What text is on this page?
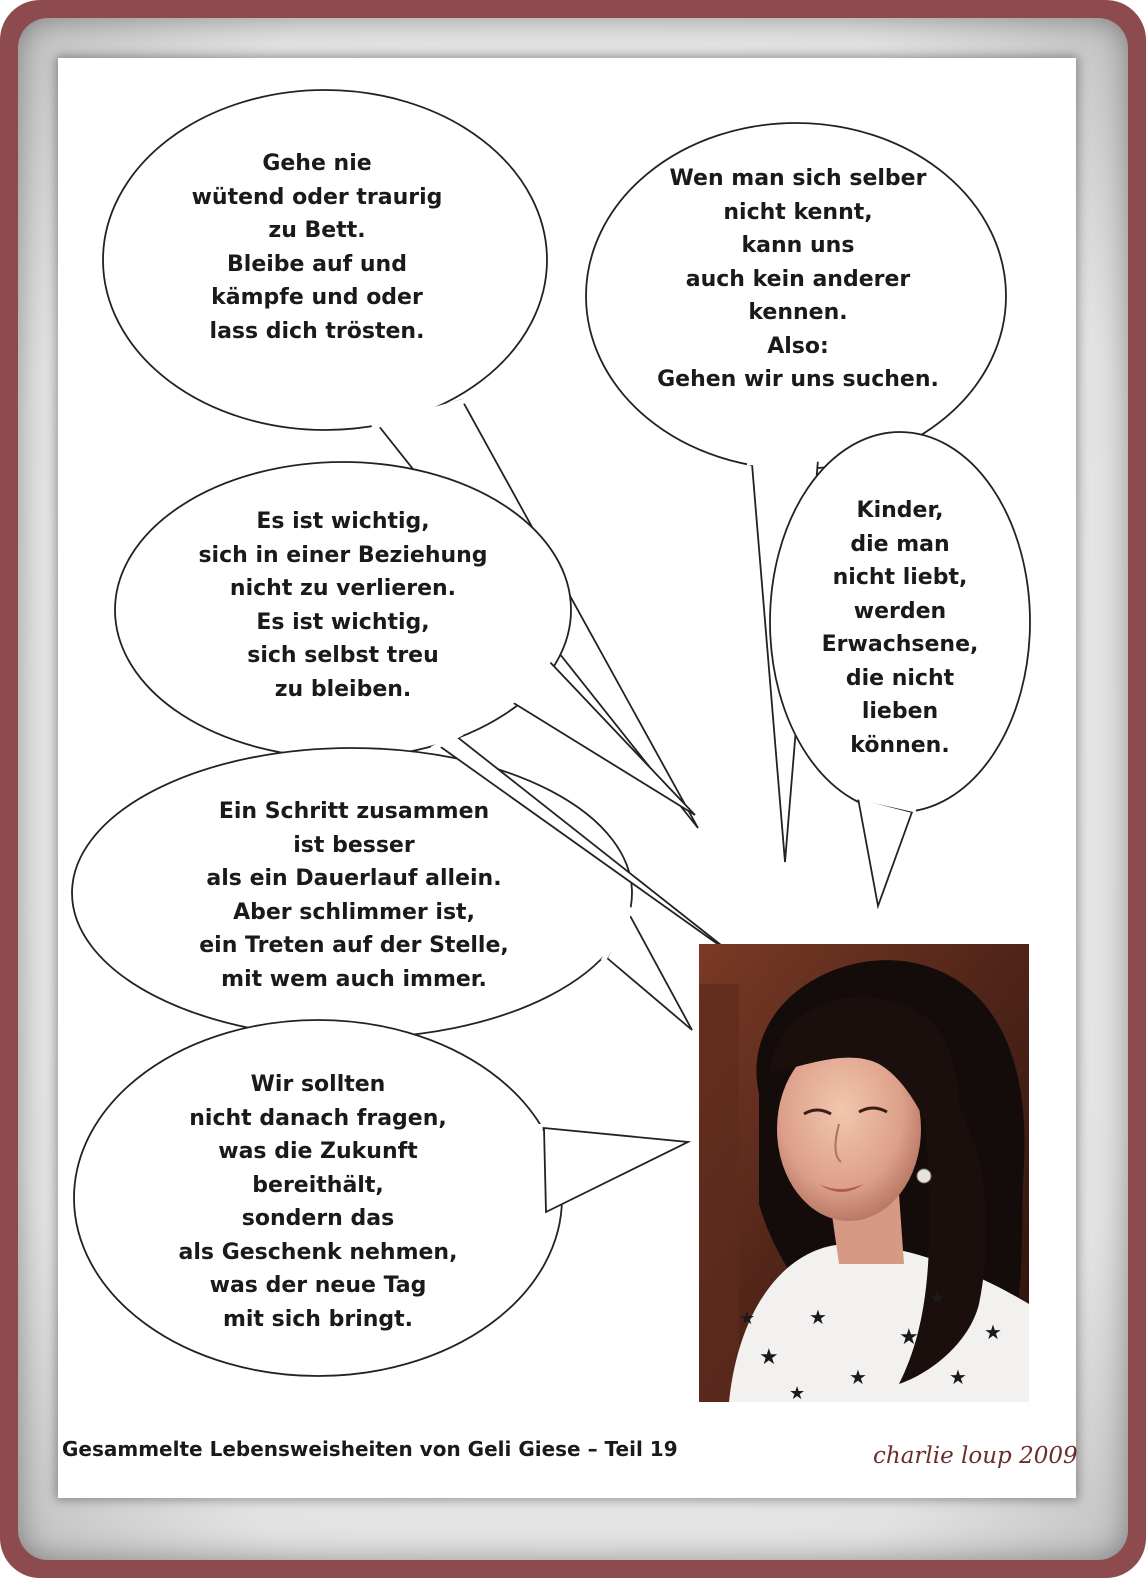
Gehe nie
wütend oder traurig
zu Bett.
Bleibe auf und
kämpfe und oder
lass dich trösten.
Wen man sich selber
nicht kennt,
kann uns
auch kein anderer
kennen.
Also:
Gehen wir uns suchen.
Es ist wichtig,
sich in einer Beziehung
nicht zu verlieren.
Es ist wichtig,
sich selbst treu
zu bleiben.
Kinder,
die man
nicht liebt,
werden
Erwachsene,
die nicht
lieben
können.
Ein Schritt zusammen
ist besser
als ein Dauerlauf allein.
Aber schlimmer ist,
ein Treten auf der Stelle,
mit wem auch immer.
Wir sollten
nicht danach fragen,
was die Zukunft
bereithält,
sondern das
als Geschenk nehmen,
was der neue Tag
mit sich bringt.
★
★
★
★
★
★
★
★
★
Gesammelte Lebensweisheiten von Geli Giese – Teil 19	charlie loup 2009
